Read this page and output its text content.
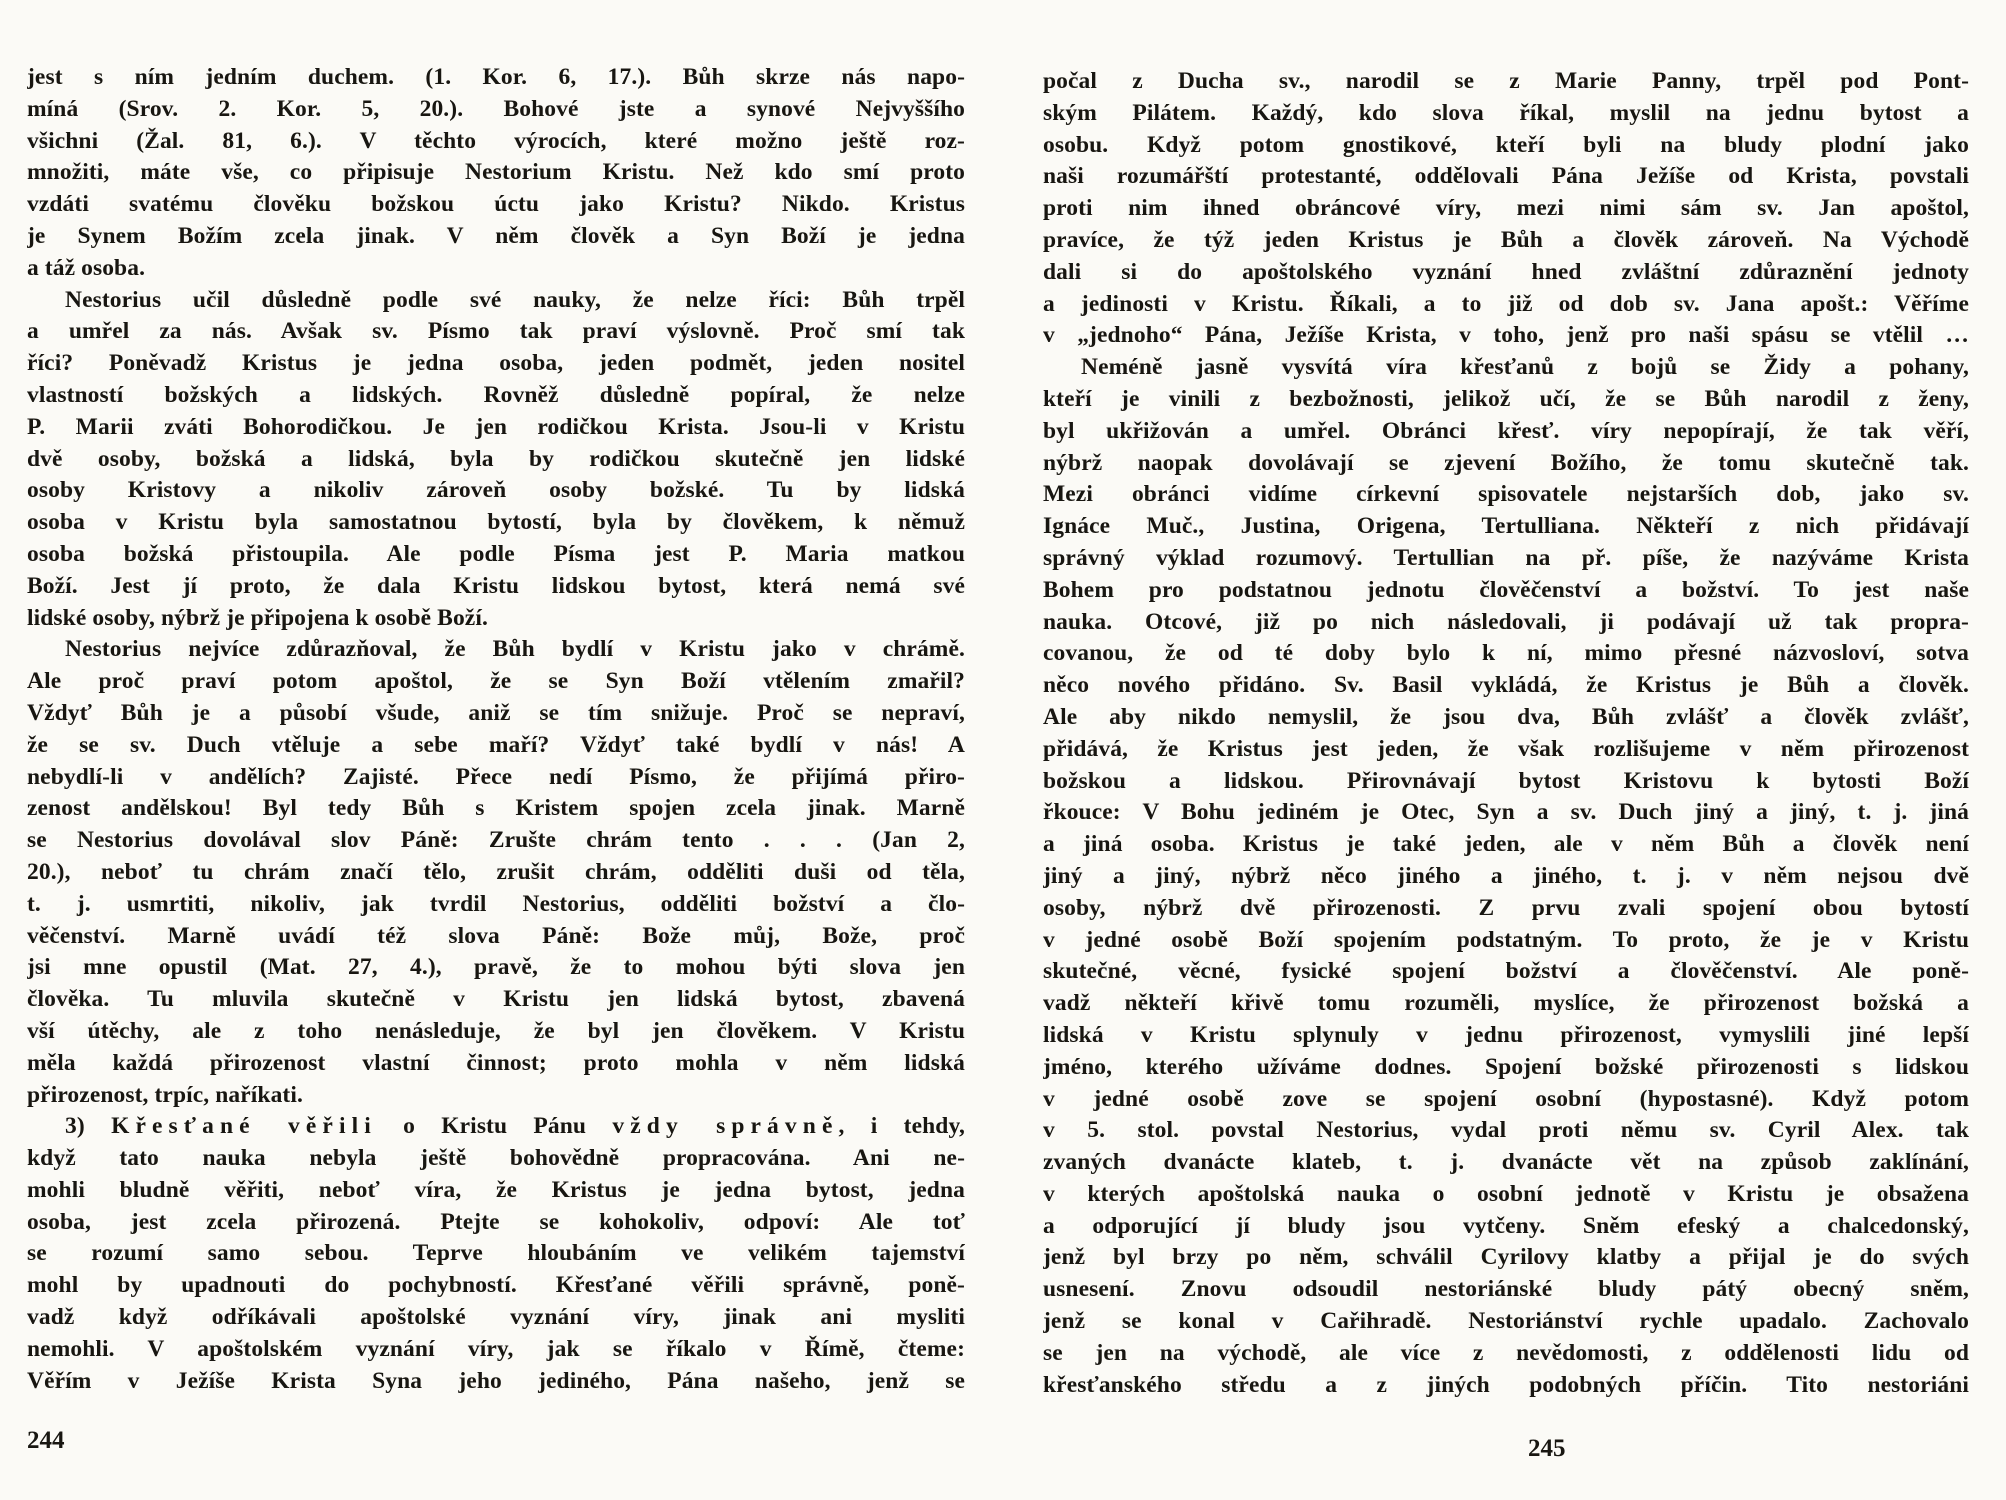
jest s ním jedním duchem. (1. Kor. 6, 17.). Bůh skrze nás napo-
míná (Srov. 2. Kor. 5, 20.). Bohové jste a synové Nejvyššího
všichni (Žal. 81, 6.). V těchto výrocích, které možno ještě roz-
množiti, máte vše, co připisuje Nestorium Kristu. Než kdo smí proto
vzdáti svatému člověku božskou úctu jako Kristu? Nikdo. Kristus
je Synem Božím zcela jinak. V něm člověk a Syn Boží je jedna
a táž osoba.
Nestorius učil důsledně podle své nauky, že nelze říci: Bůh trpěl
a umřel za nás. Avšak sv. Písmo tak praví výslovně. Proč smí tak
říci? Poněvadž Kristus je jedna osoba, jeden podmět, jeden nositel
vlastností božských a lidských. Rovněž důsledně popíral, že nelze
P. Marii zváti Bohorodičkou. Je jen rodičkou Krista. Jsou-li v Kristu
dvě osoby, božská a lidská, byla by rodičkou skutečně jen lidské
osoby Kristovy a nikoliv zároveň osoby božské. Tu by lidská
osoba v Kristu byla samostatnou bytostí, byla by člověkem, k němuž
osoba božská přistoupila. Ale podle Písma jest P. Maria matkou
Boží. Jest jí proto, že dala Kristu lidskou bytost, která nemá své
lidské osoby, nýbrž je připojena k osobě Boží.
Nestorius nejvíce zdůrazňoval, že Bůh bydlí v Kristu jako v chrámě.
Ale proč praví potom apoštol, že se Syn Boží vtělením zmařil?
Vždyť Bůh je a působí všude, aniž se tím snižuje. Proč se nepraví,
že se sv. Duch vtěluje a sebe maří? Vždyť také bydlí v nás! A
nebydlí-li v andělích? Zajisté. Přece nedí Písmo, že přijímá přiro-
zenost andělskou! Byl tedy Bůh s Kristem spojen zcela jinak. Marně
se Nestorius dovolával slov Páně: Zrušte chrám tento . . . (Jan 2,
20.), neboť tu chrám značí tělo, zrušit chrám, odděliti duši od těla,
t. j. usmrtiti, nikoliv, jak tvrdil Nestorius, odděliti božství a člo-
věčenství. Marně uvádí též slova Páně: Bože můj, Bože, proč
jsi mne opustil (Mat. 27, 4.), pravě, že to mohou býti slova jen
člověka. Tu mluvila skutečně v Kristu jen lidská bytost, zbavená
vší útěchy, ale z toho nenásleduje, že byl jen člověkem. V Kristu
měla každá přirozenost vlastní činnost; proto mohla v něm lidská
přirozenost, trpíc, naříkati.
3) Křesťané věřili o Kristu Pánu vždy správně, i tehdy,
když tato nauka nebyla ještě bohovědně propracována. Ani ne-
mohli bludně věřiti, neboť víra, že Kristus je jedna bytost, jedna
osoba, jest zcela přirozená. Ptejte se kohokoliv, odpoví: Ale toť
se rozumí samo sebou. Teprve hloubáním ve velikém tajemství
mohl by upadnouti do pochybností. Křesťané věřili správně, poně-
vadž když odříkávali apoštolské vyznání víry, jinak ani mysliti
nemohli. V apoštolském vyznání víry, jak se říkalo v Římě, čteme:
Věřím v Ježíše Krista Syna jeho jediného, Pána našeho, jenž se
počal z Ducha sv., narodil se z Marie Panny, trpěl pod Pont-
ským Pilátem. Každý, kdo slova říkal, myslil na jednu bytost a
osobu. Když potom gnostikové, kteří byli na bludy plodní jako
naši rozumářští protestanté, oddělovali Pána Ježíše od Krista, povstali
proti nim ihned obráncové víry, mezi nimi sám sv. Jan apoštol,
pravíce, že týž jeden Kristus je Bůh a člověk zároveň. Na Východě
dali si do apoštolského vyznání hned zvláštní zdůraznění jednoty
a jedinosti v Kristu. Říkali, a to již od dob sv. Jana apošt.: Věříme
v „jednoho“ Pána, Ježíše Krista, v toho, jenž pro naši spásu se vtělil …
Neméně jasně vysvítá víra křesťanů z bojů se Židy a pohany,
kteří je vinili z bezbožnosti, jelikož učí, že se Bůh narodil z ženy,
byl ukřižován a umřel. Obránci křesť. víry nepopírají, že tak věří,
nýbrž naopak dovolávají se zjevení Božího, že tomu skutečně tak.
Mezi obránci vidíme církevní spisovatele nejstarších dob, jako sv.
Ignáce Muč., Justina, Origena, Tertulliana. Někteří z nich přidávají
správný výklad rozumový. Tertullian na př. píše, že nazýváme Krista
Bohem pro podstatnou jednotu člověčenství a božství. To jest naše
nauka. Otcové, již po nich následovali, ji podávají už tak propra-
covanou, že od té doby bylo k ní, mimo přesné názvosloví, sotva
něco nového přidáno. Sv. Basil vykládá, že Kristus je Bůh a člověk.
Ale aby nikdo nemyslil, že jsou dva, Bůh zvlášť a člověk zvlášť,
přidává, že Kristus jest jeden, že však rozlišujeme v něm přirozenost
božskou a lidskou. Přirovnávají bytost Kristovu k bytosti Boží
řkouce: V Bohu jediném je Otec, Syn a sv. Duch jiný a jiný, t. j. jiná
a jiná osoba. Kristus je také jeden, ale v něm Bůh a člověk není
jiný a jiný, nýbrž něco jiného a jiného, t. j. v něm nejsou dvě
osoby, nýbrž dvě přirozenosti. Z prvu zvali spojení obou bytostí
v jedné osobě Boží spojením podstatným. To proto, že je v Kristu
skutečné, věcné, fysické spojení božství a člověčenství. Ale poně-
vadž někteří křivě tomu rozuměli, myslíce, že přirozenost božská a
lidská v Kristu splynuly v jednu přirozenost, vymyslili jiné lepší
jméno, kterého užíváme dodnes. Spojení božské přirozenosti s lidskou
v jedné osobě zove se spojení osobní (hypostasné). Když potom
v 5. stol. povstal Nestorius, vydal proti němu sv. Cyril Alex. tak
zvaných dvanácte klateb, t. j. dvanácte vět na způsob zaklínání,
v kterých apoštolská nauka o osobní jednotě v Kristu je obsažena
a odporující jí bludy jsou vytčeny. Sněm efeský a chalcedonský,
jenž byl brzy po něm, schválil Cyrilovy klatby a přijal je do svých
usnesení. Znovu odsoudil nestoriánské bludy pátý obecný sněm,
jenž se konal v Cařihradě. Nestoriánství rychle upadalo. Zachovalo
se jen na východě, ale více z nevědomosti, z oddělenosti lidu od
křesťanského středu a z jiných podobných příčin. Tito nestoriáni
244	245
